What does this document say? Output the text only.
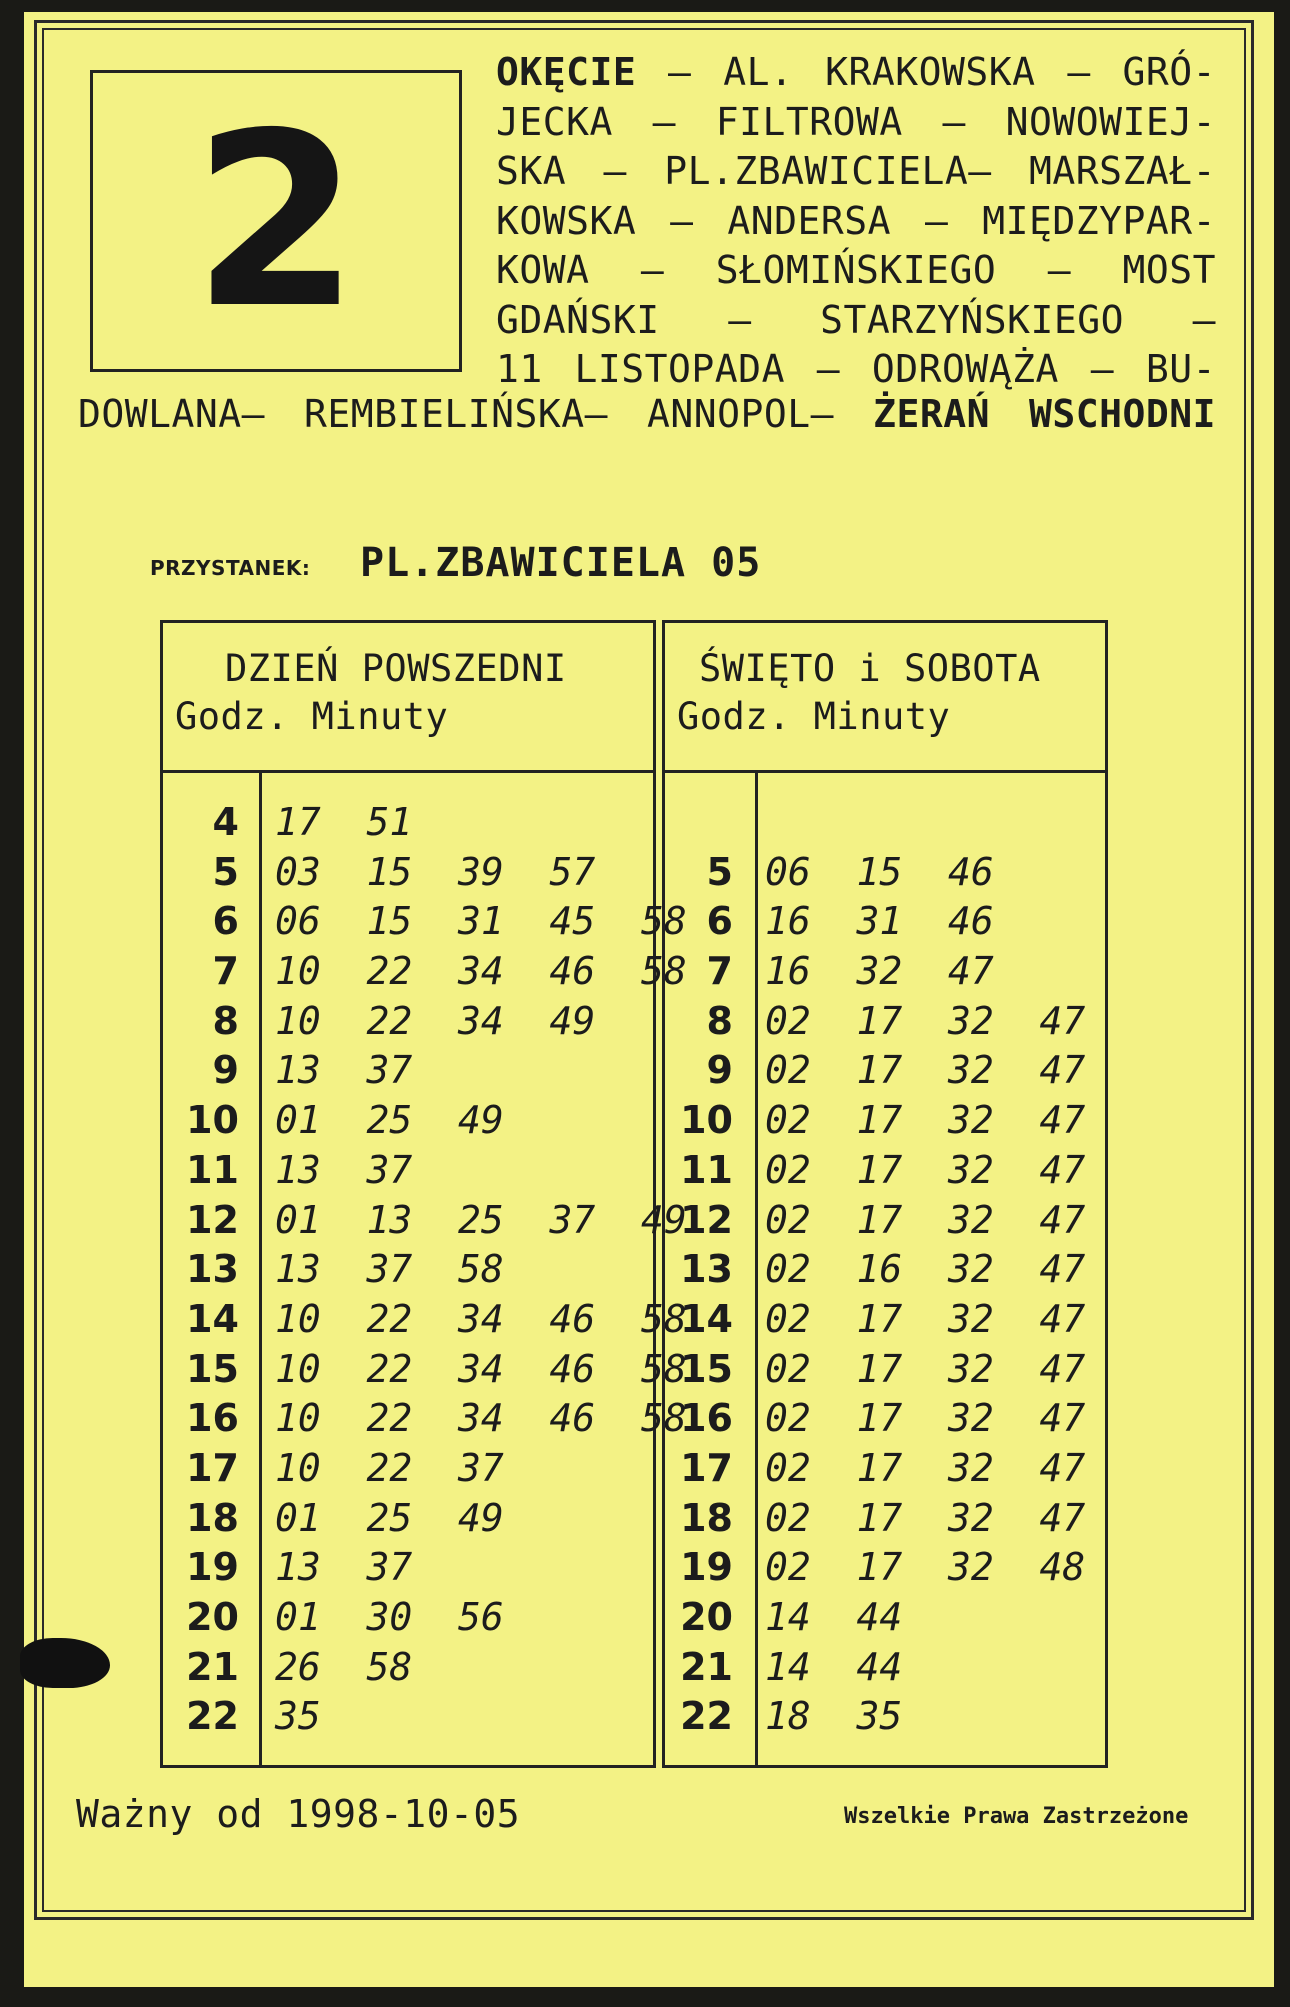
2
OKĘCIE – AL. KRAKOWSKA – GRÓ-
JECKA – FILTROWA – NOWOWIEJ-
SKA – PL.ZBAWICIELA– MARSZAŁ-
KOWSKA – ANDERSA – MIĘDZYPAR-
KOWA – SŁOMIŃSKIEGO – MOST
GDAŃSKI – STARZYŃSKIEGO –
11 LISTOPADA – ODROWĄŻA – BU-
DOWLANA– REMBIELIŃSKA– ANNOPOL– ŻERAŃ WSCHODNI
PRZYSTANEK: PL.ZBAWICIELA 05
DZIEŃ POWSZEDNI
Godz. Minuty
4 17  51
5 03  15  39  57
6 06  15  31  45  58
7 10  22  34  46  58
8 10  22  34  49
9 13  37
10 01  25  49
11 13  37
12 01  13  25  37  49
13 13  37  58
14 10  22  34  46  58
15 10  22  34  46  58
16 10  22  34  46  58
17 10  22  37
18 01  25  49
19 13  37
20 01  30  56
21 26  58
22 35
ŚWIĘTO i SOBOTA
Godz. Minuty
5 06  15  46
6 16  31  46
7 16  32  47
8 02  17  32  47
9 02  17  32  47
10 02  17  32  47
11 02  17  32  47
12 02  17  32  47
13 02  16  32  47
14 02  17  32  47
15 02  17  32  47
16 02  17  32  47
17 02  17  32  47
18 02  17  32  47
19 02  17  32  48
20 14  44
21 14  44
22 18  35
Ważny od 1998-10-05	Wszelkie Prawa Zastrzeżone
